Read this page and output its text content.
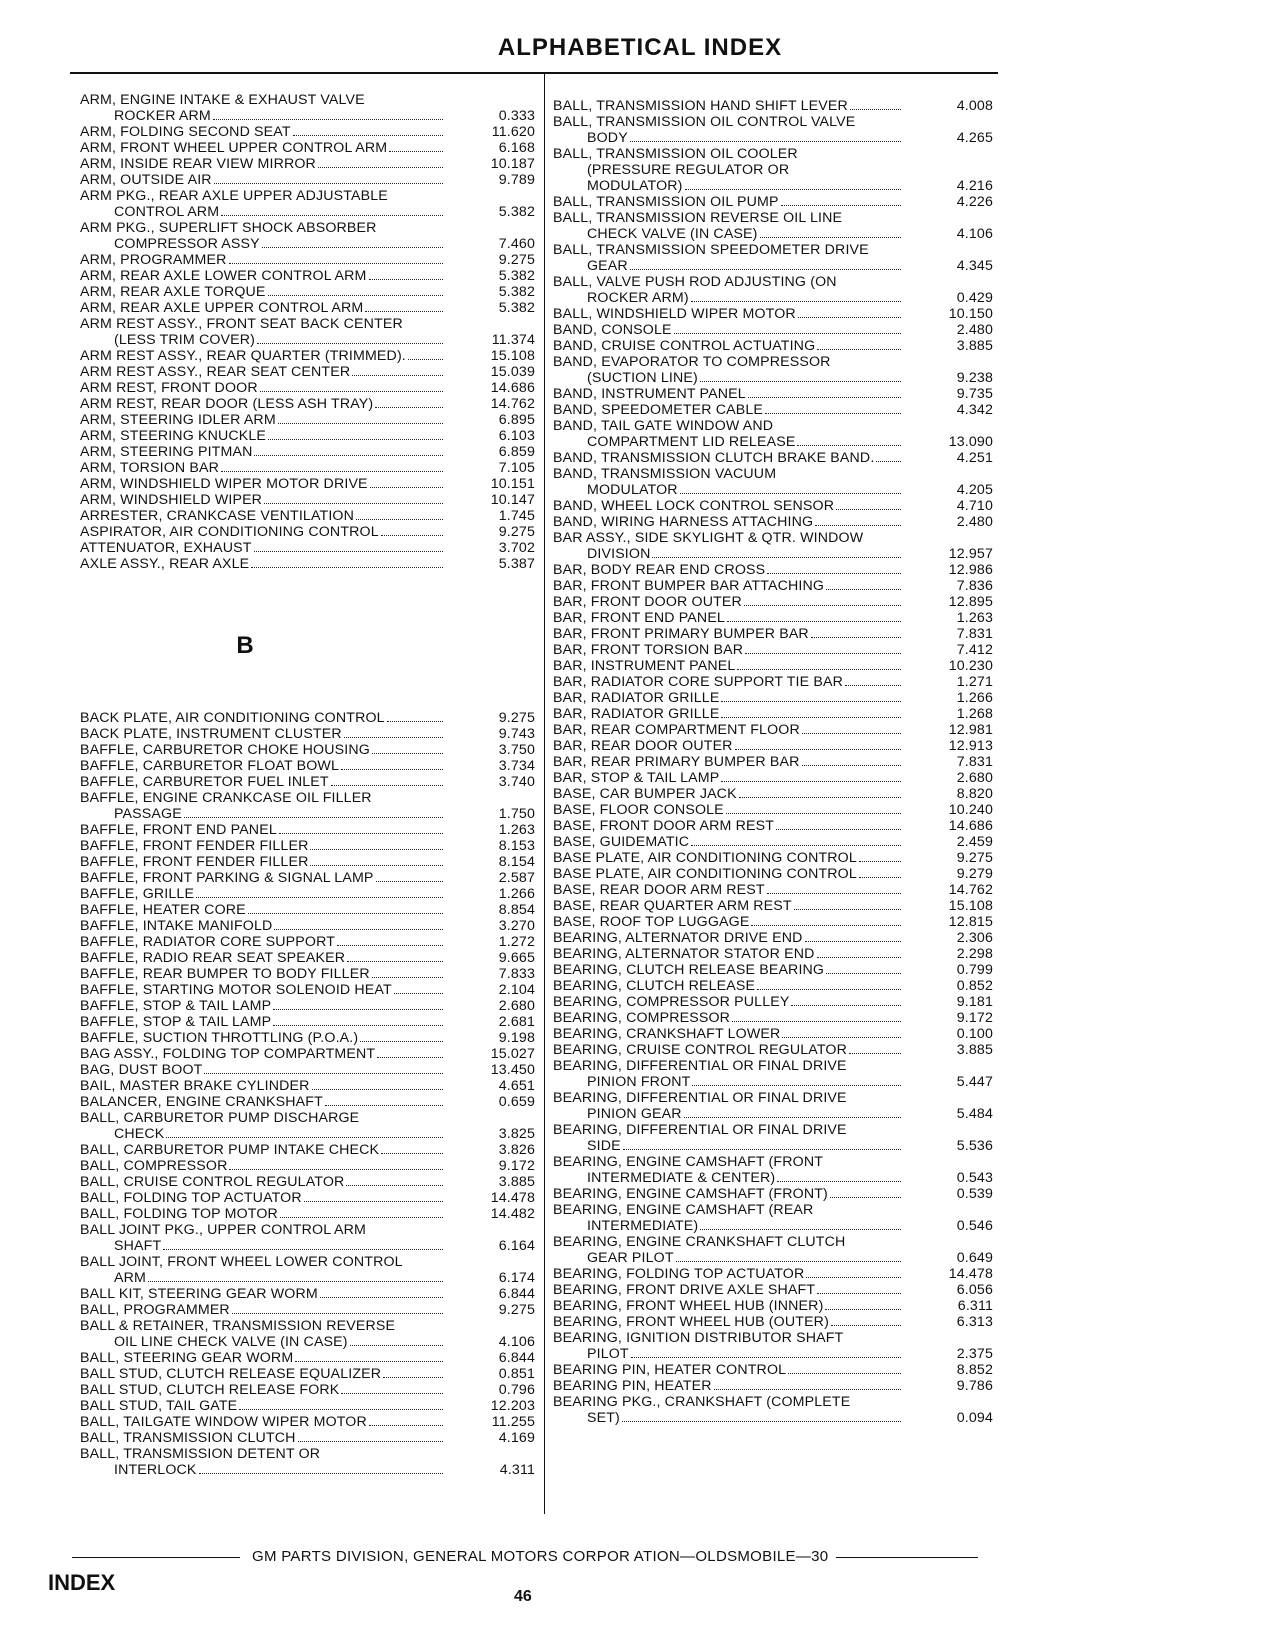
ALPHABETICAL INDEX
ARM, ENGINE INTAKE & EXHAUST VALVE
ROCKER ARM	0.333
ARM, FOLDING SECOND SEAT	11.620
ARM, FRONT WHEEL UPPER CONTROL ARM	6.168
ARM, INSIDE REAR VIEW MIRROR	10.187
ARM, OUTSIDE AIR	9.789
ARM PKG., REAR AXLE UPPER ADJUSTABLE
CONTROL ARM	5.382
ARM PKG., SUPERLIFT SHOCK ABSORBER
COMPRESSOR ASSY	7.460
ARM, PROGRAMMER	9.275
ARM, REAR AXLE LOWER CONTROL ARM	5.382
ARM, REAR AXLE TORQUE	5.382
ARM, REAR AXLE UPPER CONTROL ARM	5.382
ARM REST ASSY., FRONT SEAT BACK CENTER
(LESS TRIM COVER)	11.374
ARM REST ASSY., REAR QUARTER (TRIMMED).	15.108
ARM REST ASSY., REAR SEAT CENTER	15.039
ARM REST, FRONT DOOR	14.686
ARM REST, REAR DOOR (LESS ASH TRAY)	14.762
ARM, STEERING IDLER ARM	6.895
ARM, STEERING KNUCKLE	6.103
ARM, STEERING PITMAN	6.859
ARM, TORSION BAR	7.105
ARM, WINDSHIELD WIPER MOTOR DRIVE	10.151
ARM, WINDSHIELD WIPER	10.147
ARRESTER, CRANKCASE VENTILATION	1.745
ASPIRATOR, AIR CONDITIONING CONTROL	9.275
ATTENUATOR, EXHAUST	3.702
AXLE ASSY., REAR AXLE	5.387
B
BACK PLATE, AIR CONDITIONING CONTROL	9.275
BACK PLATE, INSTRUMENT CLUSTER	9.743
BAFFLE, CARBURETOR CHOKE HOUSING	3.750
BAFFLE, CARBURETOR FLOAT BOWL	3.734
BAFFLE, CARBURETOR FUEL INLET	3.740
BAFFLE, ENGINE CRANKCASE OIL FILLER
PASSAGE	1.750
BAFFLE, FRONT END PANEL	1.263
BAFFLE, FRONT FENDER FILLER	8.153
BAFFLE, FRONT FENDER FILLER	8.154
BAFFLE, FRONT PARKING & SIGNAL LAMP	2.587
BAFFLE, GRILLE	1.266
BAFFLE, HEATER CORE	8.854
BAFFLE, INTAKE MANIFOLD	3.270
BAFFLE, RADIATOR CORE SUPPORT	1.272
BAFFLE, RADIO REAR SEAT SPEAKER	9.665
BAFFLE, REAR BUMPER TO BODY FILLER	7.833
BAFFLE, STARTING MOTOR SOLENOID HEAT	2.104
BAFFLE, STOP & TAIL LAMP	2.680
BAFFLE, STOP & TAIL LAMP	2.681
BAFFLE, SUCTION THROTTLING (P.O.A.)	9.198
BAG ASSY., FOLDING TOP COMPARTMENT	15.027
BAG, DUST BOOT	13.450
BAIL, MASTER BRAKE CYLINDER	4.651
BALANCER, ENGINE CRANKSHAFT	0.659
BALL, CARBURETOR PUMP DISCHARGE
CHECK	3.825
BALL, CARBURETOR PUMP INTAKE CHECK	3.826
BALL, COMPRESSOR	9.172
BALL, CRUISE CONTROL REGULATOR	3.885
BALL, FOLDING TOP ACTUATOR	14.478
BALL, FOLDING TOP MOTOR	14.482
BALL JOINT PKG., UPPER CONTROL ARM
SHAFT	6.164
BALL JOINT, FRONT WHEEL LOWER CONTROL
ARM	6.174
BALL KIT, STEERING GEAR WORM	6.844
BALL, PROGRAMMER	9.275
BALL & RETAINER, TRANSMISSION REVERSE
OIL LINE CHECK VALVE (IN CASE)	4.106
BALL, STEERING GEAR WORM	6.844
BALL STUD, CLUTCH RELEASE EQUALIZER	0.851
BALL STUD, CLUTCH RELEASE FORK	0.796
BALL STUD, TAIL GATE	12.203
BALL, TAILGATE WINDOW WIPER MOTOR	11.255
BALL, TRANSMISSION CLUTCH	4.169
BALL, TRANSMISSION DETENT OR
INTERLOCK	4.311
BALL, TRANSMISSION HAND SHIFT LEVER	4.008
BALL, TRANSMISSION OIL CONTROL VALVE
BODY	4.265
BALL, TRANSMISSION OIL COOLER
(PRESSURE REGULATOR OR
MODULATOR)	4.216
BALL, TRANSMISSION OIL PUMP	4.226
BALL, TRANSMISSION REVERSE OIL LINE
CHECK VALVE (IN CASE)	4.106
BALL, TRANSMISSION SPEEDOMETER DRIVE
GEAR	4.345
BALL, VALVE PUSH ROD ADJUSTING (ON
ROCKER ARM)	0.429
BALL, WINDSHIELD WIPER MOTOR	10.150
BAND, CONSOLE	2.480
BAND, CRUISE CONTROL ACTUATING	3.885
BAND, EVAPORATOR TO COMPRESSOR
(SUCTION LINE)	9.238
BAND, INSTRUMENT PANEL	9.735
BAND, SPEEDOMETER CABLE	4.342
BAND, TAIL GATE WINDOW AND
COMPARTMENT LID RELEASE	13.090
BAND, TRANSMISSION CLUTCH BRAKE BAND.	4.251
BAND, TRANSMISSION VACUUM
MODULATOR	4.205
BAND, WHEEL LOCK CONTROL SENSOR	4.710
BAND, WIRING HARNESS ATTACHING	2.480
BAR ASSY., SIDE SKYLIGHT & QTR. WINDOW
DIVISION	12.957
BAR, BODY REAR END CROSS	12.986
BAR, FRONT BUMPER BAR ATTACHING	7.836
BAR, FRONT DOOR OUTER	12.895
BAR, FRONT END PANEL	1.263
BAR, FRONT PRIMARY BUMPER BAR	7.831
BAR, FRONT TORSION BAR	7.412
BAR, INSTRUMENT PANEL	10.230
BAR, RADIATOR CORE SUPPORT TIE BAR	1.271
BAR, RADIATOR GRILLE	1.266
BAR, RADIATOR GRILLE	1.268
BAR, REAR COMPARTMENT FLOOR	12.981
BAR, REAR DOOR OUTER	12.913
BAR, REAR PRIMARY BUMPER BAR	7.831
BAR, STOP & TAIL LAMP	2.680
BASE, CAR BUMPER JACK	8.820
BASE, FLOOR CONSOLE	10.240
BASE, FRONT DOOR ARM REST	14.686
BASE, GUIDEMATIC	2.459
BASE PLATE, AIR CONDITIONING CONTROL	9.275
BASE PLATE, AIR CONDITIONING CONTROL	9.279
BASE, REAR DOOR ARM REST	14.762
BASE, REAR QUARTER ARM REST	15.108
BASE, ROOF TOP LUGGAGE	12.815
BEARING, ALTERNATOR DRIVE END	2.306
BEARING, ALTERNATOR STATOR END	2.298
BEARING, CLUTCH RELEASE BEARING	0.799
BEARING, CLUTCH RELEASE	0.852
BEARING, COMPRESSOR PULLEY	9.181
BEARING, COMPRESSOR	9.172
BEARING, CRANKSHAFT LOWER	0.100
BEARING, CRUISE CONTROL REGULATOR	3.885
BEARING, DIFFERENTIAL OR FINAL DRIVE
PINION FRONT	5.447
BEARING, DIFFERENTIAL OR FINAL DRIVE
PINION GEAR	5.484
BEARING, DIFFERENTIAL OR FINAL DRIVE
SIDE	5.536
BEARING, ENGINE CAMSHAFT (FRONT
INTERMEDIATE & CENTER)	0.543
BEARING, ENGINE CAMSHAFT (FRONT)	0.539
BEARING, ENGINE CAMSHAFT (REAR
INTERMEDIATE)	0.546
BEARING, ENGINE CRANKSHAFT CLUTCH
GEAR PILOT	0.649
BEARING, FOLDING TOP ACTUATOR	14.478
BEARING, FRONT DRIVE AXLE SHAFT	6.056
BEARING, FRONT WHEEL HUB (INNER)	6.311
BEARING, FRONT WHEEL HUB (OUTER)	6.313
BEARING, IGNITION DISTRIBUTOR SHAFT
PILOT	2.375
BEARING PIN, HEATER CONTROL	8.852
BEARING PIN, HEATER	9.786
BEARING PKG., CRANKSHAFT (COMPLETE
SET)	0.094
GM PARTS DIVISION, GENERAL MOTORS CORPOR ATION—OLDSMOBILE—30
INDEX
46
